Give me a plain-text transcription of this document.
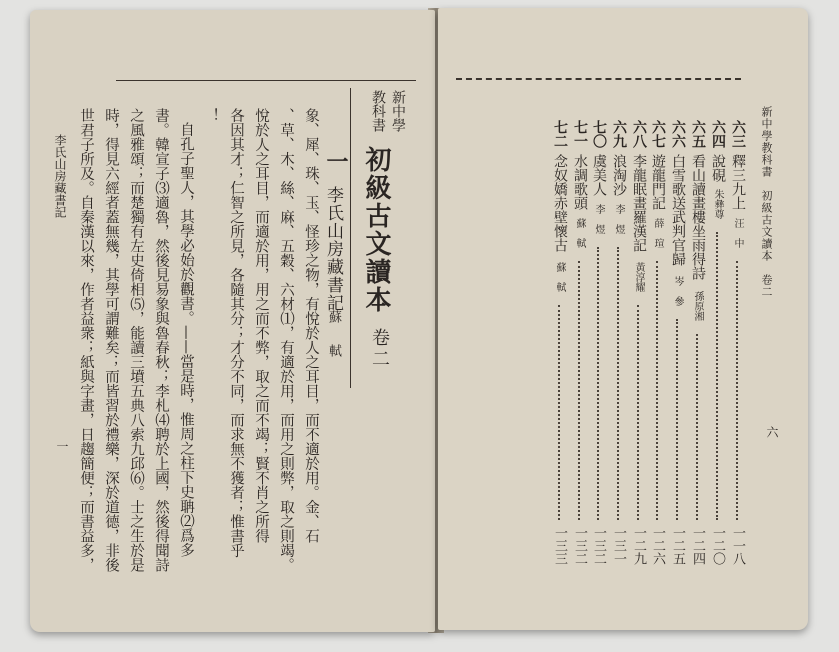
新中學
教科書
初級古文讀本
卷二
一
李氏山房藏書記
蘇　軾
象、犀、珠、玉、怪珍之物，有悅於人之耳目，而不適於用。金、石
、草、木、絲、麻、五穀、六材⑴，有適於用，而用之則弊，取之則竭。
悅於人之耳目，而適於用，用之而不弊，取之而不竭；賢不肖之所得
各因其才；仁智之所見，各隨其分；才分不同，而求無不獲者；惟書乎
！
自孔子聖人，其學必始於觀書。——當是時，惟周之柱下史聃⑵爲多
書。韓宣子⑶適魯，然後見易象與魯春秋；李札⑷聘於上國，然後得聞詩
之風雅頌；而楚獨有左史倚相⑸，能讀三墳五典八索九邱⑹。士之生於是
時，得見六經者蓋無幾，其學可謂難矣；而皆習於禮樂，深於道德，非後
世君子所及。自秦漢以來，作者益衆；紙與字畫，日趨簡便；而書益多，
李氏山房藏書記
一
新中學教科書　初級古文讀本　卷二
六
六三
釋三九上
汪　中
一一八
六四
說硯
朱彝尊
一二〇
六五
看山讀畫樓坐雨得詩
孫原湘
一二四
六六
白雪歌送武判官歸
岑　參
一二五
六七
遊龍門記
薛　瑄
一二六
六八
李龍眠畫羅漢記
黃淳耀
一二九
六九
浪淘沙
李　煜
一三一
七〇
虞美人
李　煜
一三二
七一
水調歌頭
蘇　軾
一三二
七二
念奴嬌赤壁懷古
蘇　軾
一三三
